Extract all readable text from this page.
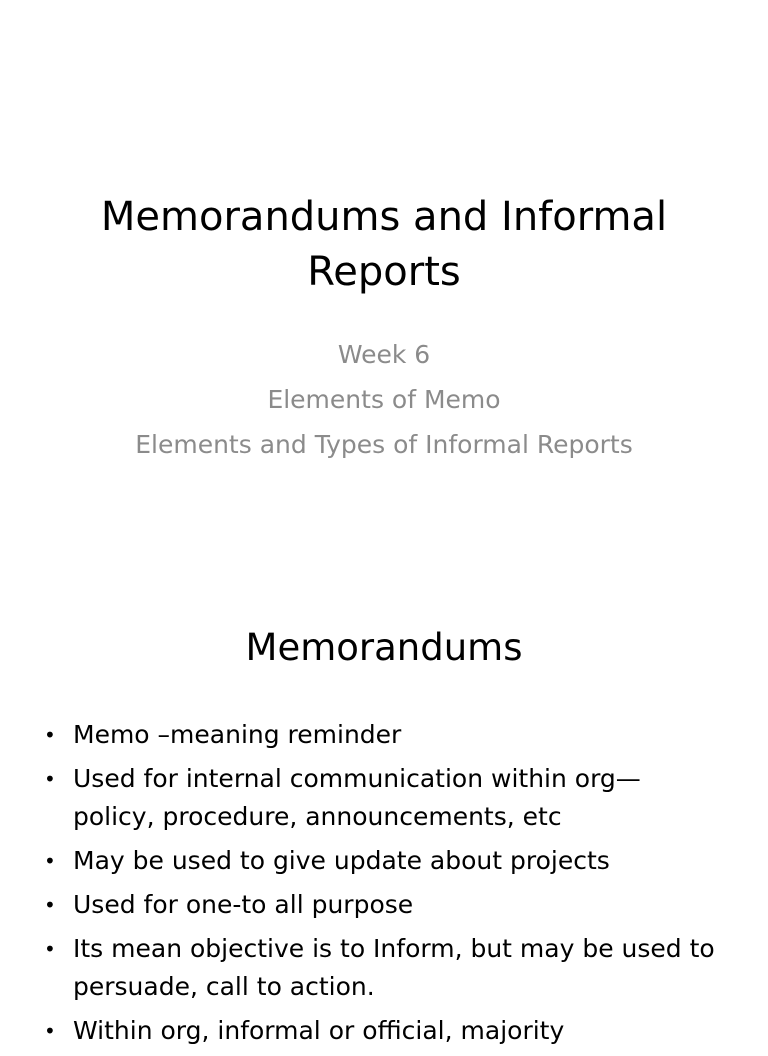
Memorandums and Informal
Reports
Week 6
Elements of Memo
Elements and Types of Informal Reports
Memorandums
• Memo –meaning reminder
• Used for internal communication within org—
policy, procedure, announcements, etc
• May be used to give update about projects
• Used for one-to all purpose
• Its mean objective is to Inform, but may be used to
persuade, call to action.
• Within org, informal or official, majority
